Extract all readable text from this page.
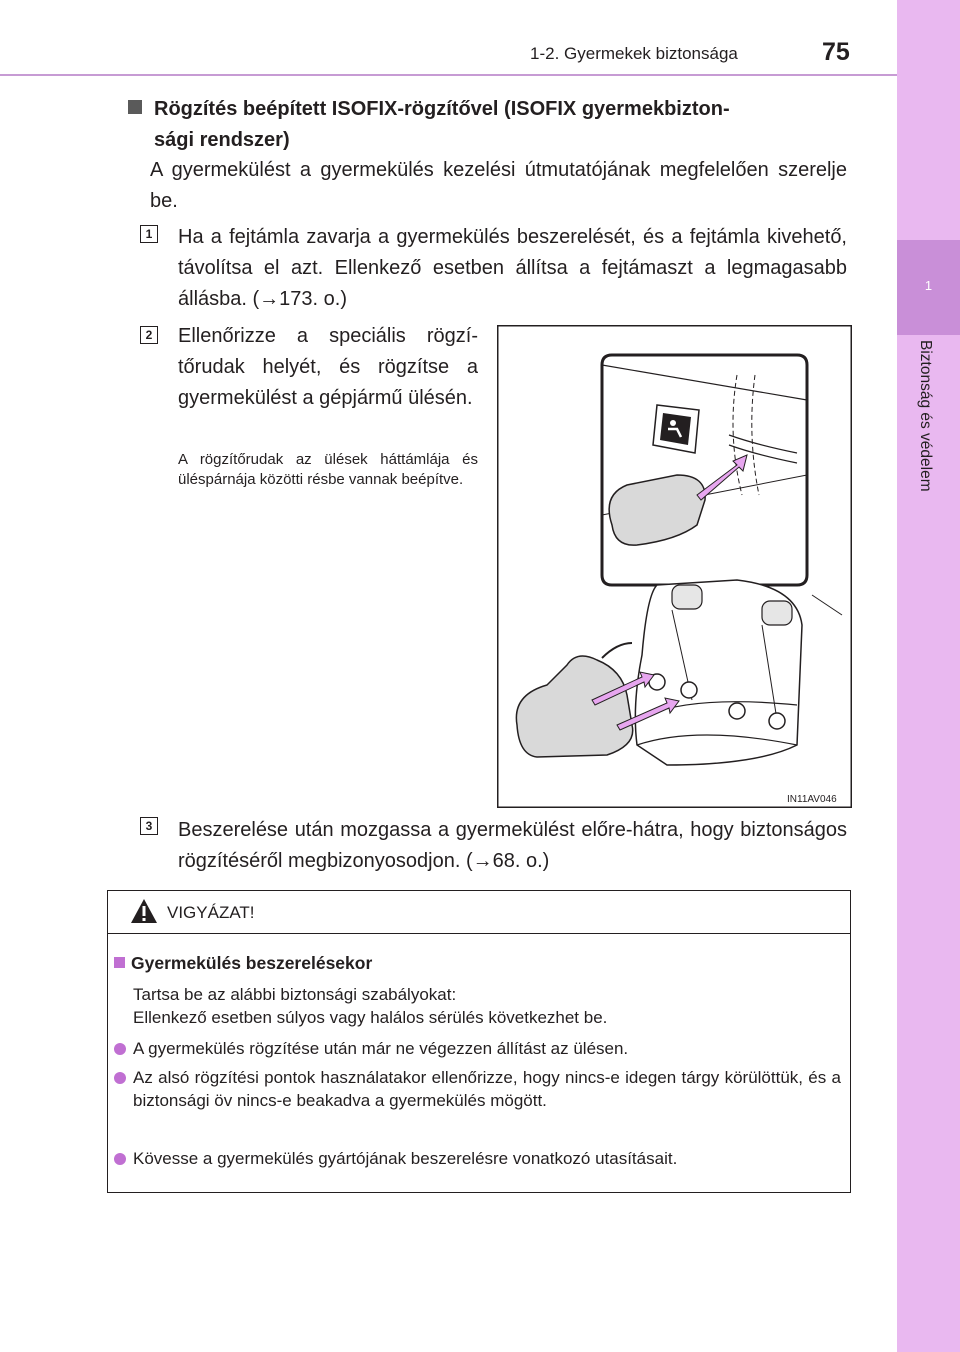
1-2. Gyermekek biztonsága	75
1
Biztonság és védelem
Rögzítés beépített ISOFIX-rögzítővel (ISOFIX gyermekbizton-
sági rendszer)
A gyermekülést a gyermekülés kezelési útmutatójának megfelelően szerelje be.
1 Ha a fejtámla zavarja a gyermekülés beszerelését, és a fejtámla kivehető, távolítsa el azt. Ellenkező esetben állítsa a fejtámaszt a legmagasabb állásba. (→173. o.)
2 Ellenőrizze a speciális rögzítőrudak helyét, és rögzítse a gyermekülést a gépjármű ülésén.
A rögzítőrudak az ülések háttámlája és üléspárnája közötti résbe vannak beépítve.
IN11AV046
3 Beszerelése után mozgassa a gyermekülést előre-hátra, hogy biztonságos rögzítéséről megbizonyosodjon. (→68. o.)
VIGYÁZAT!
Gyermekülés beszerelésekor
Tartsa be az alábbi biztonsági szabályokat:
Ellenkező esetben súlyos vagy halálos sérülés következhet be.
A gyermekülés rögzítése után már ne végezzen állítást az ülésen.
Az alsó rögzítési pontok használatakor ellenőrizze, hogy nincs-e idegen tárgy körülöttük, és a biztonsági öv nincs-e beakadva a gyermekülés mögött.
Kövesse a gyermekülés gyártójának beszerelésre vonatkozó utasításait.
